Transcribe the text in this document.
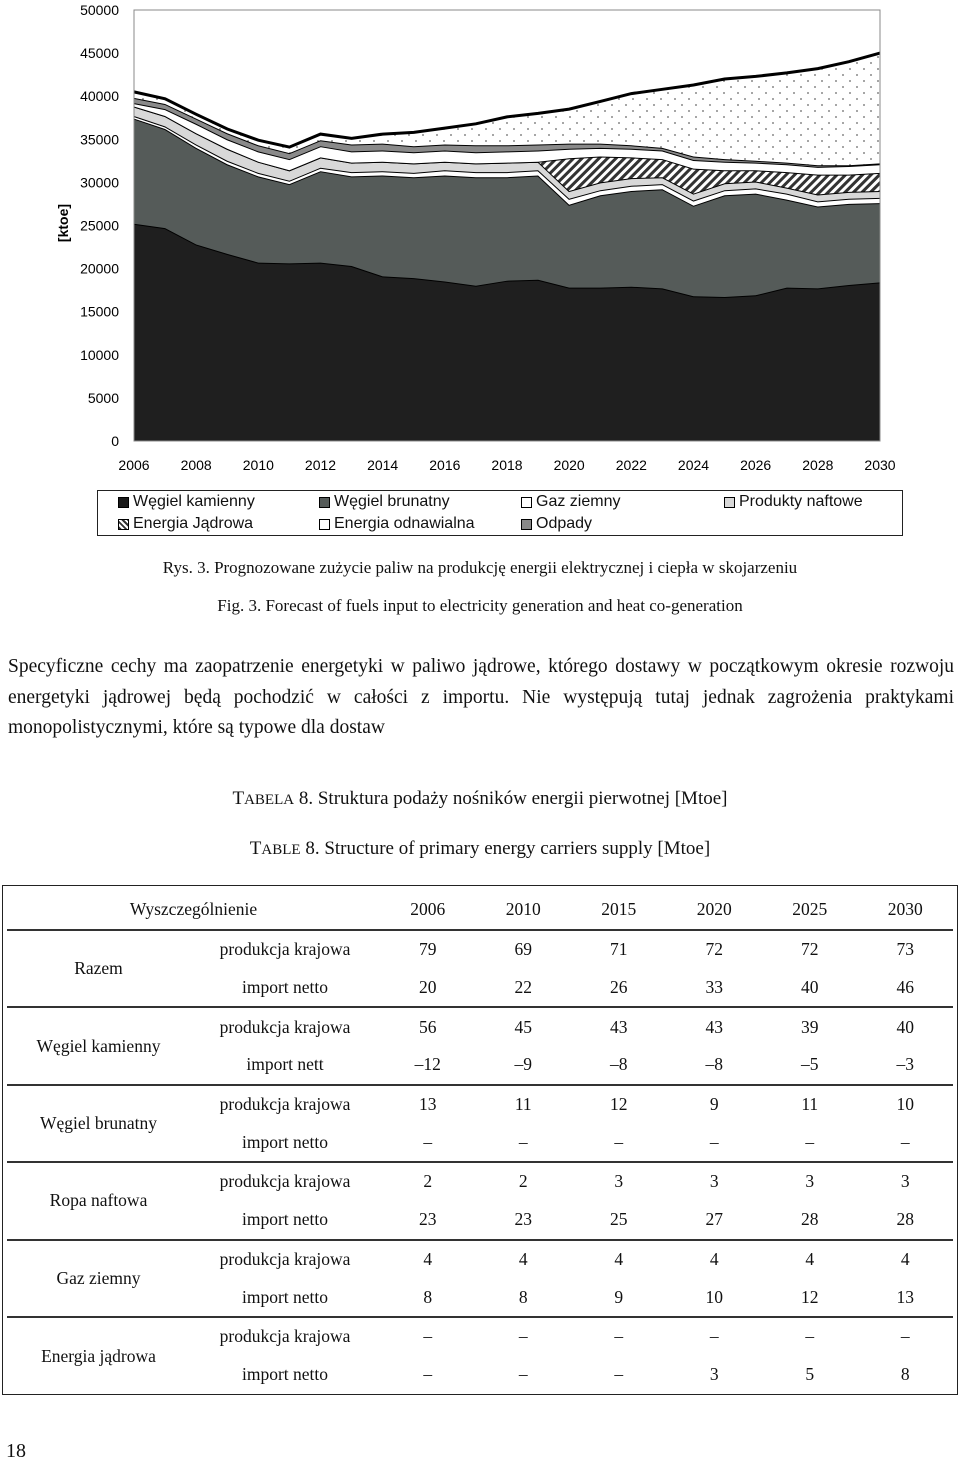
0
5000
10000
15000
20000
25000
30000
35000
40000
45000
50000
2006 2008 2010 2012 2014 2016 2018 2020 2022 2024 2026 2028 2030
[ktoe]
Węgiel kamienny	Węgiel brunatny	Gaz ziemny	Produkty naftowe
Energia Jądrowa	Energia odnawialna	Odpady
Rys. 3. Prognozowane zużycie paliw na produkcję energii elektrycznej i ciepła w skojarzeniu
Fig. 3. Forecast of fuels input to electricity generation and heat co-generation

Specyficzne cechy ma zaopatrzenie energetyki w paliwo jądrowe, którego dostawy w początkowym okresie rozwoju energetyki jądrowej będą pochodzić w całości z importu. Nie występują tutaj jednak zagrożenia praktykami monopolistycznymi, które są typowe dla dostaw

TABELA 8. Struktura podaży nośników energii pierwotnej [Mtoe]
TABLE 8. Structure of primary energy carriers supply [Mtoe]
Wyszczególnienie		2006	2010	2015	2020	2025	2030
Razem	produkcja krajowa	79	69	71	72	72	73
	import netto	20	22	26	33	40	46
Węgiel kamienny	produkcja krajowa	56	45	43	43	39	40
	import nett	–12	–9	–8	–8	–5	–3
Węgiel brunatny	produkcja krajowa	13	11	12	9	11	10
	import netto	–	–	–	–	–	–
Ropa naftowa	produkcja krajowa	2	2	3	3	3	3
	import netto	23	23	25	27	28	28
Gaz ziemny	produkcja krajowa	4	4	4	4	4	4
	import netto	8	8	9	10	12	13
Energia jądrowa	produkcja krajowa	–	–	–	–	–	–
	import netto	–	–	–	3	5	8
18
